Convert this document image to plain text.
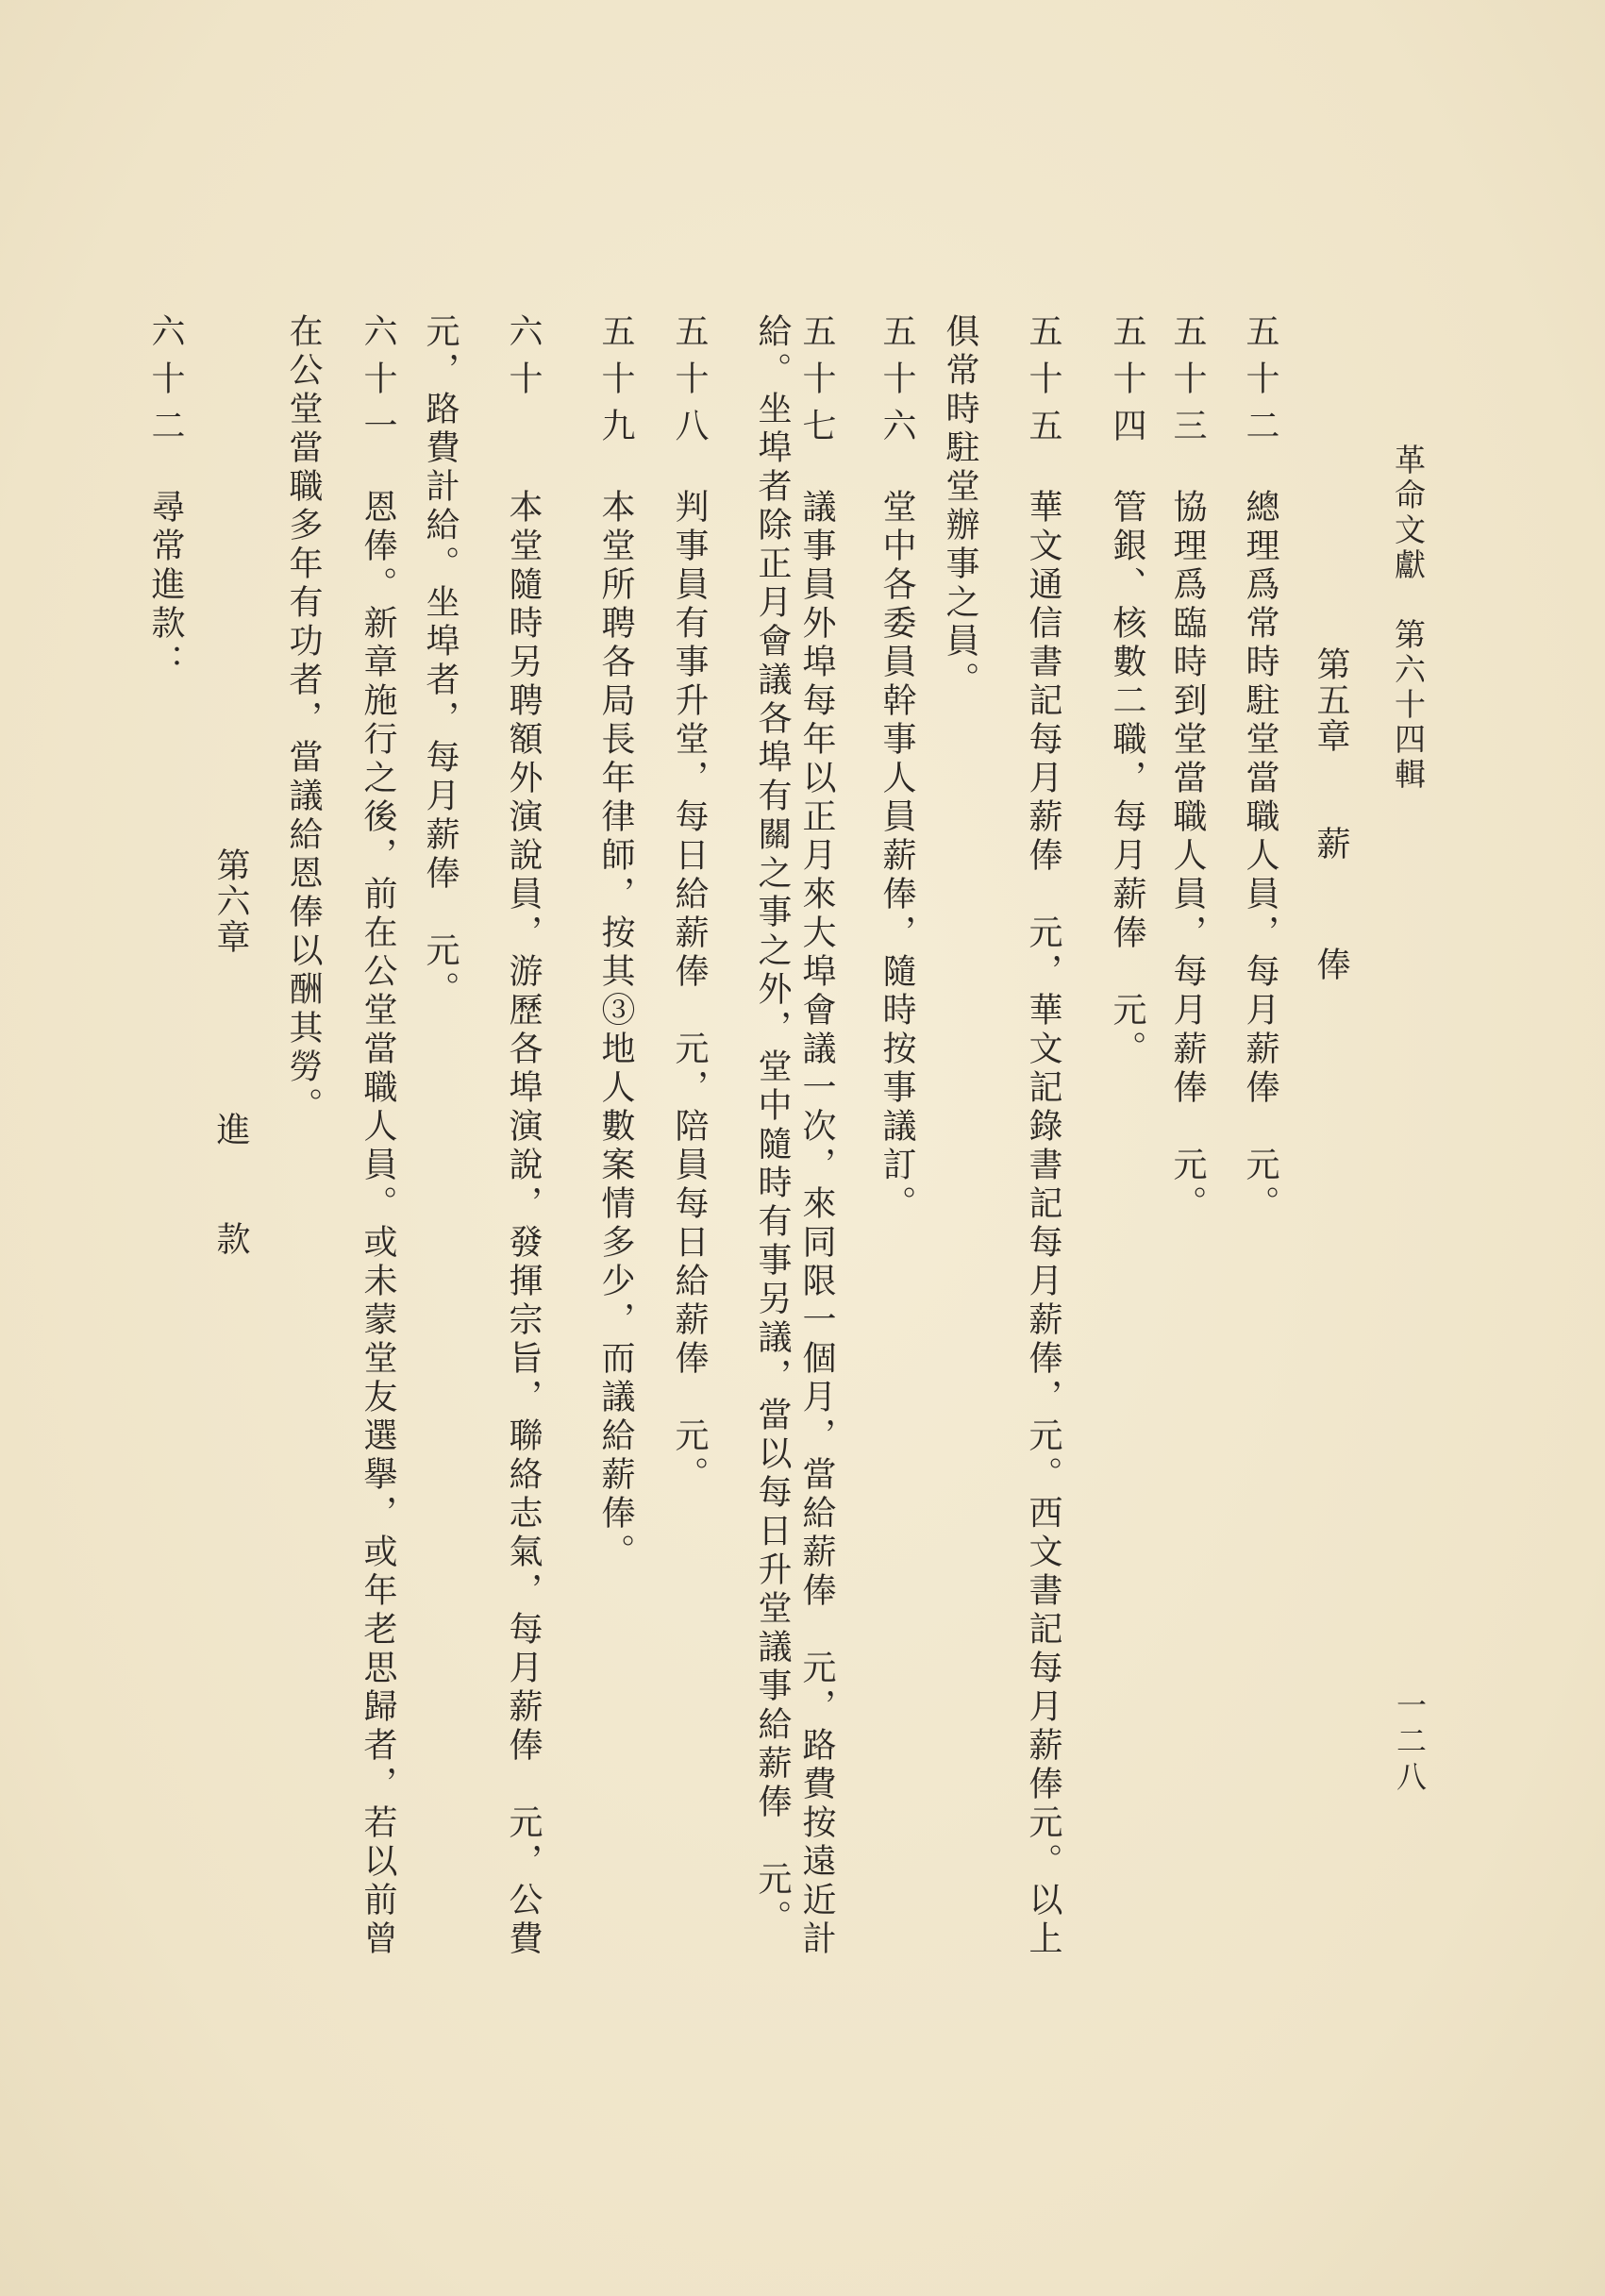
革命文獻　第六十四輯
一二八
第五章
薪
俸
第六章
進
款
五十二
總理爲常時駐堂當職人員，每月薪俸　元。
五十三
協理爲臨時到堂當職人員，每月薪俸　元。
五十四
管銀、核數二職，每月薪俸　元。
五十五
華文通信書記每月薪俸　元，華文記錄書記每月薪俸，元。西文書記每月薪俸元。以上
俱常時駐堂辦事之員。
五十六
堂中各委員幹事人員薪俸，隨時按事議訂。
五十七
議事員外埠每年以正月來大埠會議一次，來同限一個月，當給薪俸　元，路費按遠近計
給。坐埠者除正月會議各埠有關之事之外，堂中隨時有事另議，當以每日升堂議事給薪俸　元。
五十八
判事員有事升堂，每日給薪俸　元，陪員每日給薪俸　元。
五十九
本堂所聘各局長年律師，按其③地人數案情多少，而議給薪俸。
六十
本堂隨時另聘額外演說員，游歷各埠演說，發揮宗旨，聯絡志氣，每月薪俸　元，公費
元，路費計給。坐埠者，每月薪俸　元。
六十一
恩俸。新章施行之後，前在公堂當職人員。或未蒙堂友選擧，或年老思歸者，若以前曾
在公堂當職多年有功者，當議給恩俸以酬其勞。
六十二
尋常進款：
